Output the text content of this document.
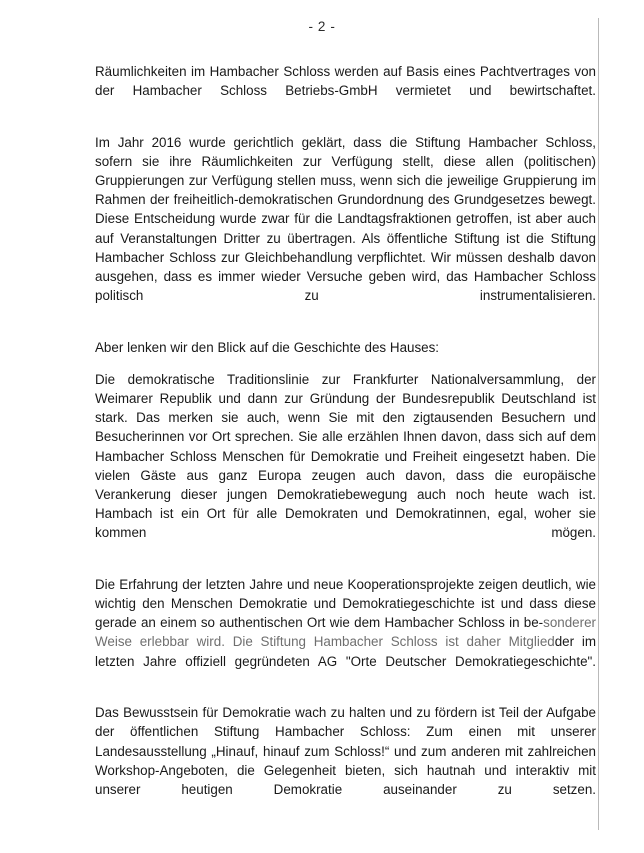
- 2 -

Räumlichkeiten im Hambacher Schloss werden auf Basis eines Pachtvertrages von der Hambacher Schloss Betriebs-GmbH vermietet und bewirtschaftet.

Im Jahr 2016 wurde gerichtlich geklärt, dass die Stiftung Hambacher Schloss, sofern sie ihre Räumlichkeiten zur Verfügung stellt, diese allen (politischen) Gruppierungen zur Verfügung stellen muss, wenn sich die jeweilige Gruppierung im Rahmen der freiheitlich-demokratischen Grundordnung des Grundgesetzes bewegt. Diese Entscheidung wurde zwar für die Landtagsfraktionen getroffen, ist aber auch auf Veranstaltungen Dritter zu übertragen. Als öffentliche Stiftung ist die Stiftung Hambacher Schloss zur Gleichbehandlung verpflichtet. Wir müssen deshalb davon ausgehen, dass es immer wieder Versuche geben wird, das Hambacher Schloss politisch zu instrumentalisieren.

Aber lenken wir den Blick auf die Geschichte des Hauses:

Die demokratische Traditionslinie zur Frankfurter Nationalversammlung, der Weimarer Republik und dann zur Gründung der Bundesrepublik Deutschland ist stark. Das merken sie auch, wenn Sie mit den zigtausenden Besuchern und Besucherinnen vor Ort sprechen. Sie alle erzählen Ihnen davon, dass sich auf dem Hambacher Schloss Menschen für Demokratie und Freiheit eingesetzt haben. Die vielen Gäste aus ganz Europa zeugen auch davon, dass die europäische Verankerung dieser jungen Demokratiebewegung auch noch heute wach ist. Hambach ist ein Ort für alle Demokraten und Demokratinnen, egal, woher sie kommen mögen.

Die Erfahrung der letzten Jahre und neue Kooperationsprojekte zeigen deutlich, wie wichtig den Menschen Demokratie und Demokratiegeschichte ist und dass diese gerade an einem so authentischen Ort wie dem Hambacher Schloss in be-sonderer Weise erlebbar wird. Die Stiftung Hambacher Schloss ist daher Mitgliedder im letzten Jahre offiziell gegründeten AG "Orte Deutscher Demokratiegeschichte".

Das Bewusstsein für Demokratie wach zu halten und zu fördern ist Teil der Aufgabe der öffentlichen Stiftung Hambacher Schloss: Zum einen mit unserer Landesausstellung „Hinauf, hinauf zum Schloss!“ und zum anderen mit zahlreichen Workshop-Angeboten, die Gelegenheit bieten, sich hautnah und interaktiv mit unserer heutigen Demokratie auseinander zu setzen.
